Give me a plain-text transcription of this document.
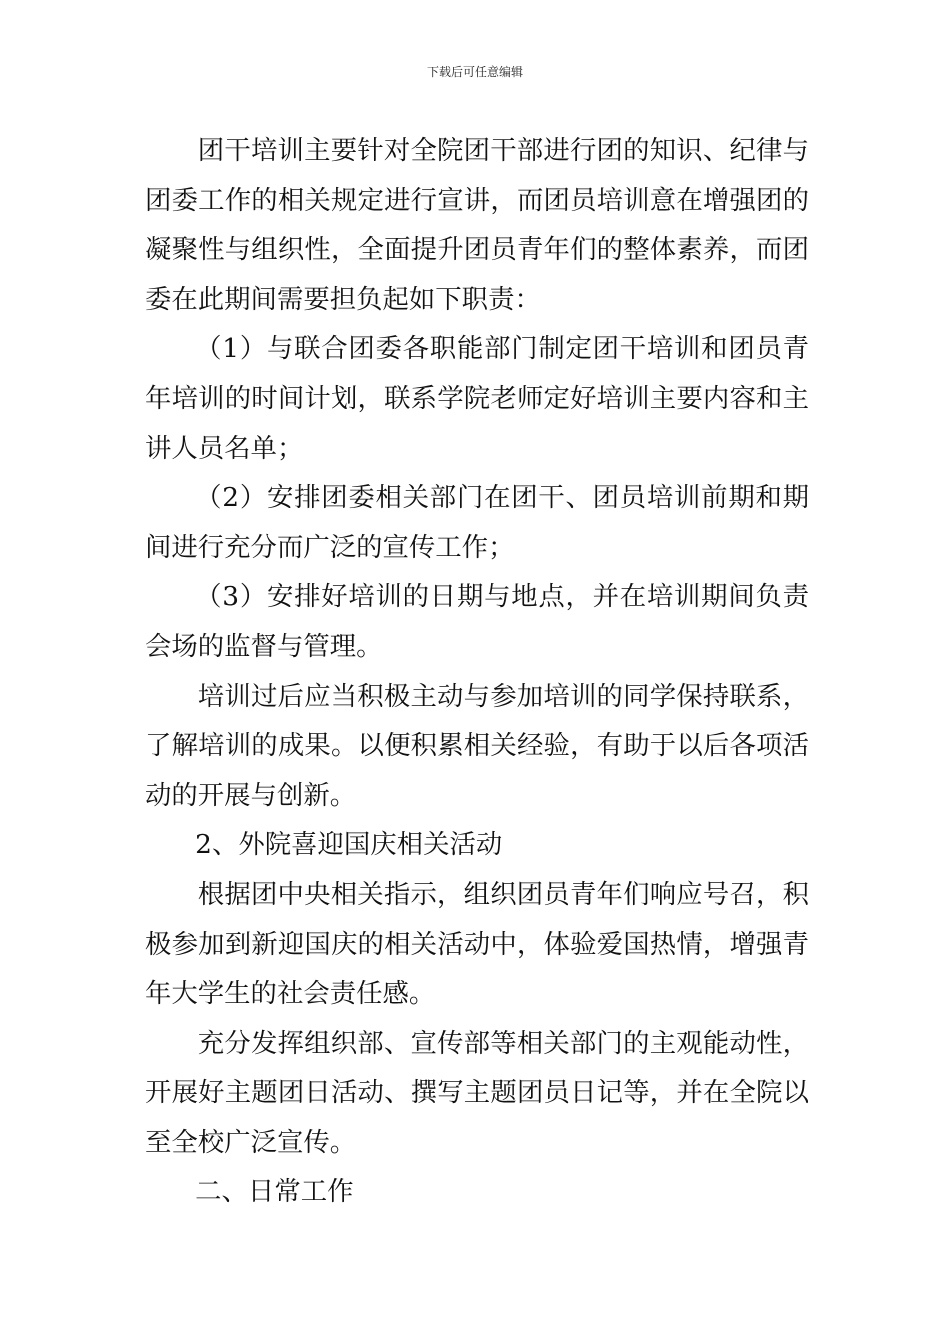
下载后可任意编辑

团干培训主要针对全院团干部进行团的知识、纪律与团委工作的相关规定进行宣讲，而团员培训意在增强团的凝聚性与组织性，全面提升团员青年们的整体素养，而团委在此期间需要担负起如下职责：

（1）与联合团委各职能部门制定团干培训和团员青年培训的时间计划，联系学院老师定好培训主要内容和主讲人员名单；

（2）安排团委相关部门在团干、团员培训前期和期间进行充分而广泛的宣传工作；

（3）安排好培训的日期与地点，并在培训期间负责会场的监督与管理。

培训过后应当积极主动与参加培训的同学保持联系，了解培训的成果。以便积累相关经验，有助于以后各项活动的开展与创新。

2、外院喜迎国庆相关活动

根据团中央相关指示，组织团员青年们响应号召，积极参加到新迎国庆的相关活动中，体验爱国热情，增强青年大学生的社会责任感。

充分发挥组织部、宣传部等相关部门的主观能动性，开展好主题团日活动、撰写主题团员日记等，并在全院以至全校广泛宣传。

二、日常工作
